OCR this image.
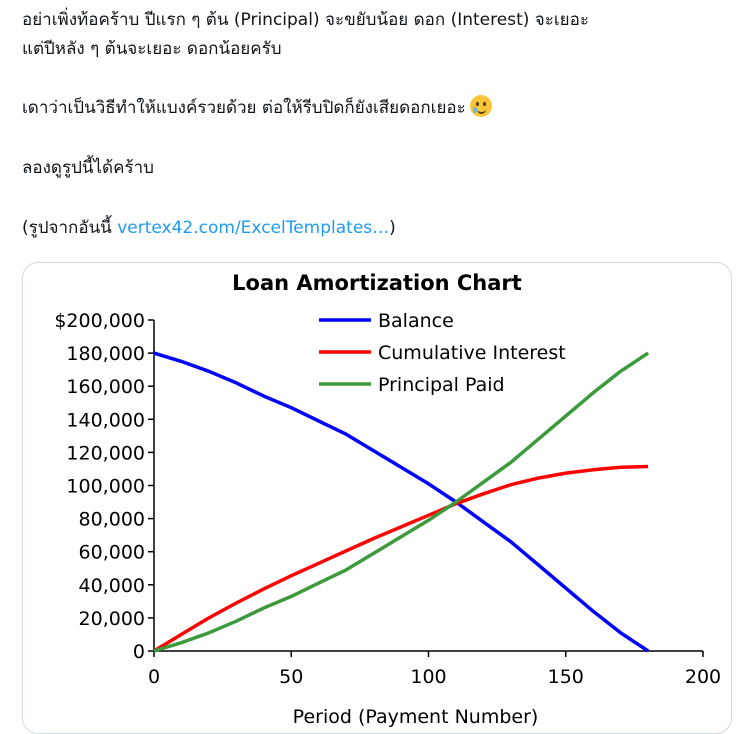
อย่าเพิ่งท้อคร้าบ ปีแรก ๆ ต้น (Principal) จะขยับน้อย ดอก (Interest) จะเยอะ
แต่ปีหลัง ๆ ต้นจะเยอะ ดอกน้อยครับ

เดาว่าเป็นวิธีทำให้แบงค์รวยด้วย ต่อให้รีบปิดก็ยังเสียดอกเยอะ

ลองดูรูปนี้ได้คร้าบ

(รูปจากอันนี้ vertex42.com/ExcelTemplates…)

Loan Amortization Chart
0
20,000
40,000
60,000
80,000
100,000
120,000
140,000
160,000
180,000
$200,000
0	50	100	150	200
Period (Payment Number)
Balance
Cumulative Interest
Principal Paid
